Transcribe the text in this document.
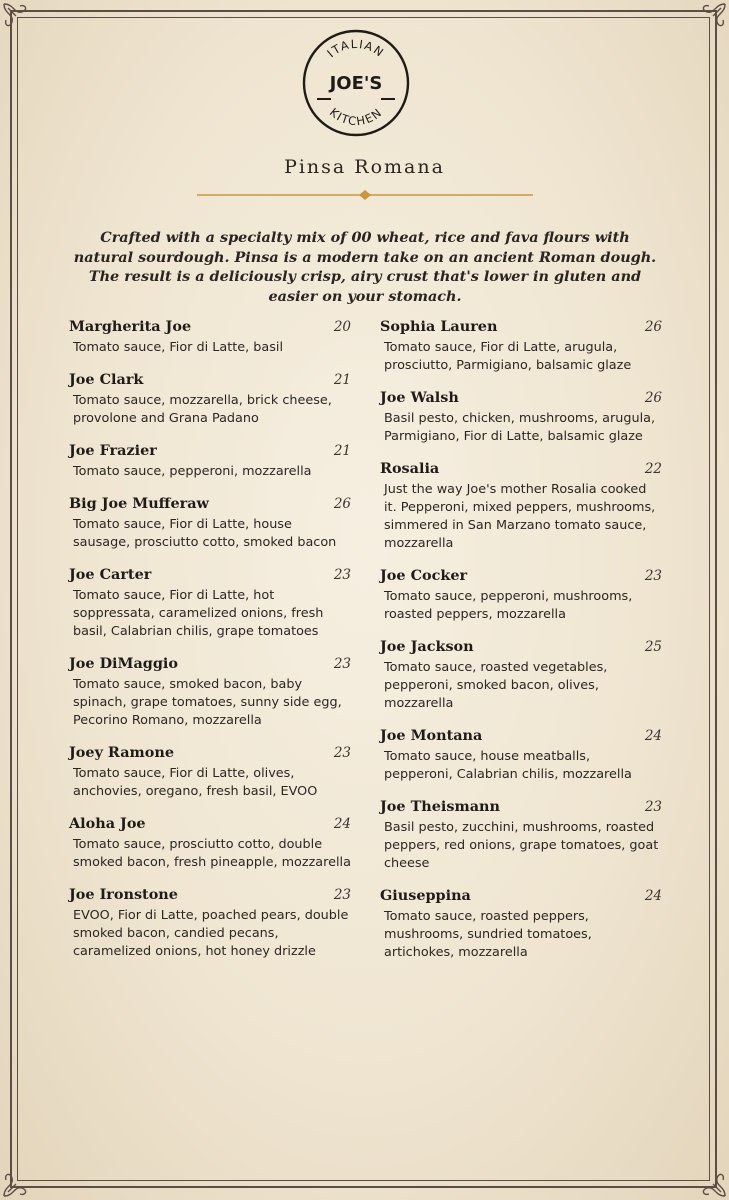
ITALIAN
KITCHEN
JOE'S
Pinsa Romana
Crafted with a specialty mix of 00 wheat, rice and fava flours with natural sourdough. Pinsa is a modern take on an ancient Roman dough. The result is a deliciously crisp, airy crust that's lower in gluten and easier on your stomach.
Margherita Joe	20
Tomato sauce, Fior di Latte, basil
Joe Clark	21
Tomato sauce, mozzarella, brick cheese, provolone and Grana Padano
Joe Frazier	21
Tomato sauce, pepperoni, mozzarella
Big Joe Mufferaw	26
Tomato sauce, Fior di Latte, house sausage, prosciutto cotto, smoked bacon
Joe Carter	23
Tomato sauce, Fior di Latte, hot soppressata, caramelized onions, fresh basil, Calabrian chilis, grape tomatoes
Joe DiMaggio	23
Tomato sauce, smoked bacon, baby spinach, grape tomatoes, sunny side egg, Pecorino Romano, mozzarella
Joey Ramone	23
Tomato sauce, Fior di Latte, olives, anchovies, oregano, fresh basil, EVOO
Aloha Joe	24
Tomato sauce, prosciutto cotto, double smoked bacon, fresh pineapple, mozzarella
Joe Ironstone	23
EVOO, Fior di Latte, poached pears, double smoked bacon, candied pecans, caramelized onions, hot honey drizzle
Sophia Lauren	26
Tomato sauce, Fior di Latte, arugula, prosciutto, Parmigiano, balsamic glaze
Joe Walsh	26
Basil pesto, chicken, mushrooms, arugula, Parmigiano, Fior di Latte, balsamic glaze
Rosalia	22
Just the way Joe's mother Rosalia cooked it. Pepperoni, mixed peppers, mushrooms, simmered in San Marzano tomato sauce, mozzarella
Joe Cocker	23
Tomato sauce, pepperoni, mushrooms, roasted peppers, mozzarella
Joe Jackson	25
Tomato sauce, roasted vegetables, pepperoni, smoked bacon, olives, mozzarella
Joe Montana	24
Tomato sauce, house meatballs, pepperoni, Calabrian chilis, mozzarella
Joe Theismann	23
Basil pesto, zucchini, mushrooms, roasted peppers, red onions, grape tomatoes, goat cheese
Giuseppina	24
Tomato sauce, roasted peppers, mushrooms, sundried tomatoes, artichokes, mozzarella
